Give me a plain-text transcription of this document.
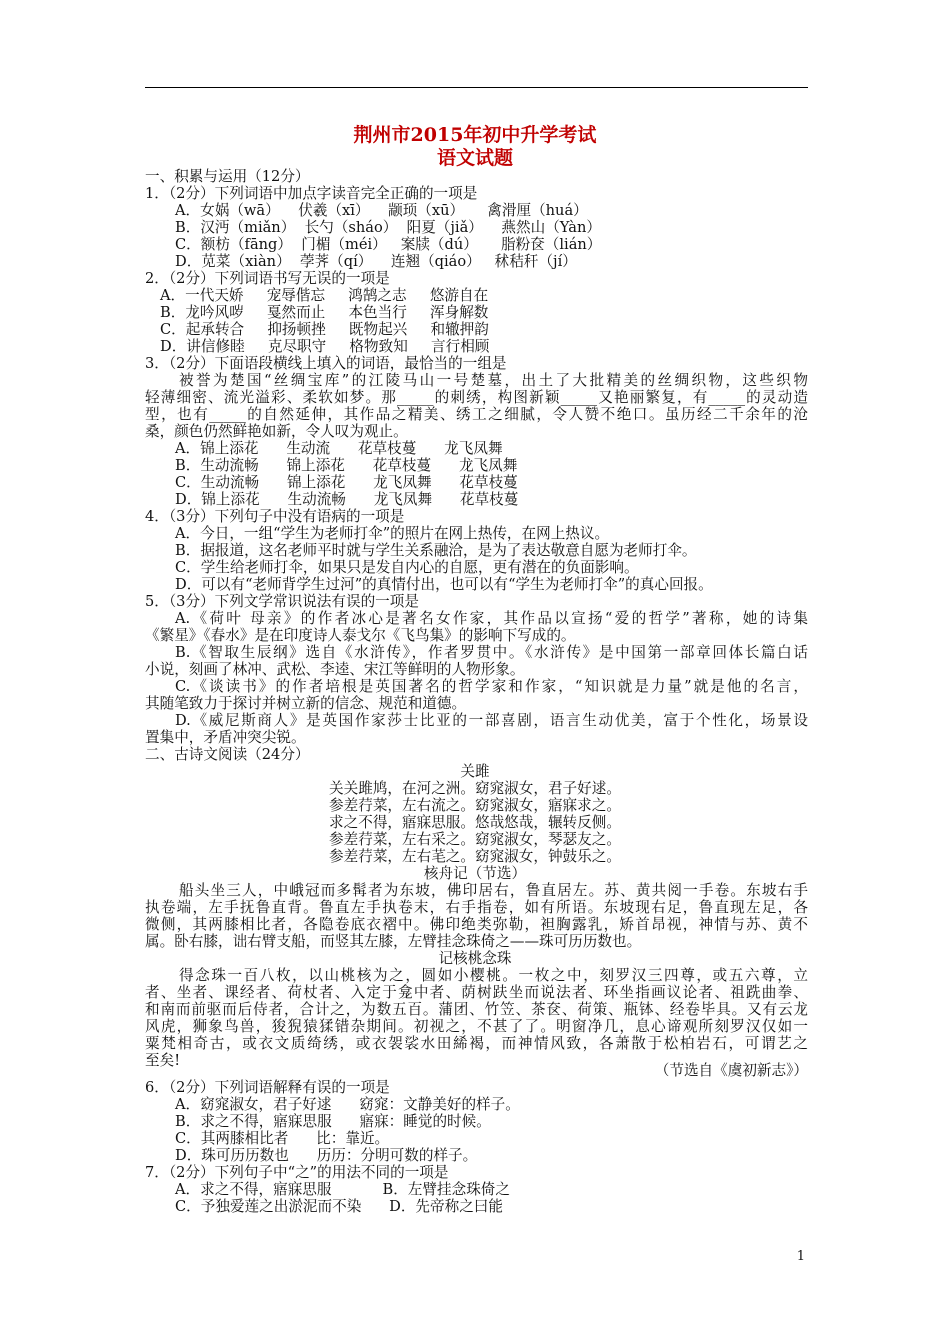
荆州市2015年初中升学考试
语文试题
一、积累与运用（12分）
1．（2分）下列词语中加点字读音完全正确的一项是
A．女娲（wā）    伏羲（xī）    颛顼（xū）     禽滑厘（huá）
B．汉沔（miǎn）  长勺（sháo）  阳夏（jiǎ）    燕然山（Yàn）
C．额枋（fāng）  门楣（méi）   案牍（dú）     脂粉奁（lián）
D．苋菜（xiàn）  荸荠（qí）    连翘（qiáo）   秫秸秆（jí）
2．（2分）下列词语书写无误的一项是
A．一代天娇     宠辱偕忘     鸿鹄之志     悠游自在
B．龙吟风哕     戛然而止     本色当行     浑身解数
C．起承转合     抑扬顿挫     既物起兴     和辙押韵
D．讲信修睦     克尽职守     格物致知     言行相顾
3．（2分）下面语段横线上填入的词语，最恰当的一组是
被誉为楚国“丝绸宝库”的江陵马山一号楚墓，出土了大批精美的丝绸织物，这些织物
轻薄细密、流光溢彩、柔软如梦。那_____的刺绣，构图新颖_____又艳丽繁复，有_____的灵动造
型，也有_____的自然延伸，其作品之精美、绣工之细腻，令人赞不绝口。虽历经二千余年的沧
桑，颜色仍然鲜艳如新，令人叹为观止。
A．锦上添花      生动流      花草枝蔓      龙飞凤舞
B．生动流畅      锦上添花      花草枝蔓      龙飞凤舞
C．生动流畅      锦上添花      龙飞凤舞      花草枝蔓
D．锦上添花      生动流畅      龙飞凤舞      花草枝蔓
4．（3分）下列句子中没有语病的一项是
A．今日，一组“学生为老师打伞”的照片在网上热传，在网上热议。
B．据报道，这名老师平时就与学生关系融洽，是为了表达敬意自愿为老师打伞。
C．学生给老师打伞，如果只是发自内心的自愿，更有潜在的负面影响。
D．可以有“老师背学生过河”的真情付出，也可以有“学生为老师打伞”的真心回报。
5．（3分）下列文学常识说法有误的一项是
A.《荷叶 母亲》的作者冰心是著名女作家，其作品以宣扬“爱的哲学”著称，她的诗集
《繁星》《春水》是在印度诗人泰戈尔《飞鸟集》的影响下写成的。
B.《智取生辰纲》选自《水浒传》，作者罗贯中。《水浒传》是中国第一部章回体长篇白话
小说，刻画了林冲、武松、李逵、宋江等鲜明的人物形象。
C.《谈读书》的作者培根是英国著名的哲学家和作家，“知识就是力量”就是他的名言，
其随笔致力于探讨并树立新的信念、规范和道德。
D.《威尼斯商人》是英国作家莎士比亚的一部喜剧，语言生动优美，富于个性化，场景设
置集中，矛盾冲突尖锐。
二、古诗文阅读（24分）
关雎
关关雎鸠，在河之洲。窈窕淑女，君子好逑。
参差荇菜，左右流之。窈窕淑女，寤寐求之。
求之不得，寤寐思服。悠哉悠哉，辗转反侧。
参差荇菜，左右采之。窈窕淑女，琴瑟友之。
参差荇菜，左右芼之。窈窕淑女，钟鼓乐之。
核舟记（节选）
船头坐三人，中峨冠而多髯者为东坡，佛印居右，鲁直居左。苏、黄共阅一手卷。东坡右手
执卷端，左手抚鲁直背。鲁直左手执卷末，右手指卷，如有所语。东坡现右足，鲁直现左足，各
微侧，其两膝相比者，各隐卷底衣褶中。佛印绝类弥勒，袒胸露乳，矫首昂视，神情与苏、黄不
属。卧右膝，诎右臂支船，而竖其左膝，左臂挂念珠倚之——珠可历历数也。
记核桃念珠
得念珠一百八枚，以山桃核为之，圆如小樱桃。一枚之中，刻罗汉三四尊，或五六尊，立
者、坐者、课经者、荷杖者、入定于龛中者、荫树趺坐而说法者、环坐指画议论者、祖跣曲拳、
和南而前驱而后侍者，合计之，为数五百。蒲团、竹笠、茶奁、荷策、瓶钵、经卷毕具。又有云龙
风虎，狮象鸟兽，狻猊猿猱错杂期间。初视之，不甚了了。明窗净几，息心谛观所刻罗汉仅如一
粟梵相奇古，或衣文质绮绣，或衣袈裟水田絺褐，而神情风致，各萧散于松柏岩石，可谓艺之
至矣!
（节选自《虞初新志》）
6．（2分）下列词语解释有误的一项是
A．窈窕淑女，君子好逑      窈窕：文静美好的样子。
B．求之不得，寤寐思服      寤寐：睡觉的时候。
C．其两膝相比者      比：靠近。
D．珠可历历数也      历历：分明可数的样子。
7．（2分）下列句子中“之”的用法不同的一项是
A．求之不得，寤寐思服           B．左臂挂念珠倚之
C．予独爱莲之出淤泥而不染      D．先帝称之曰能
1
